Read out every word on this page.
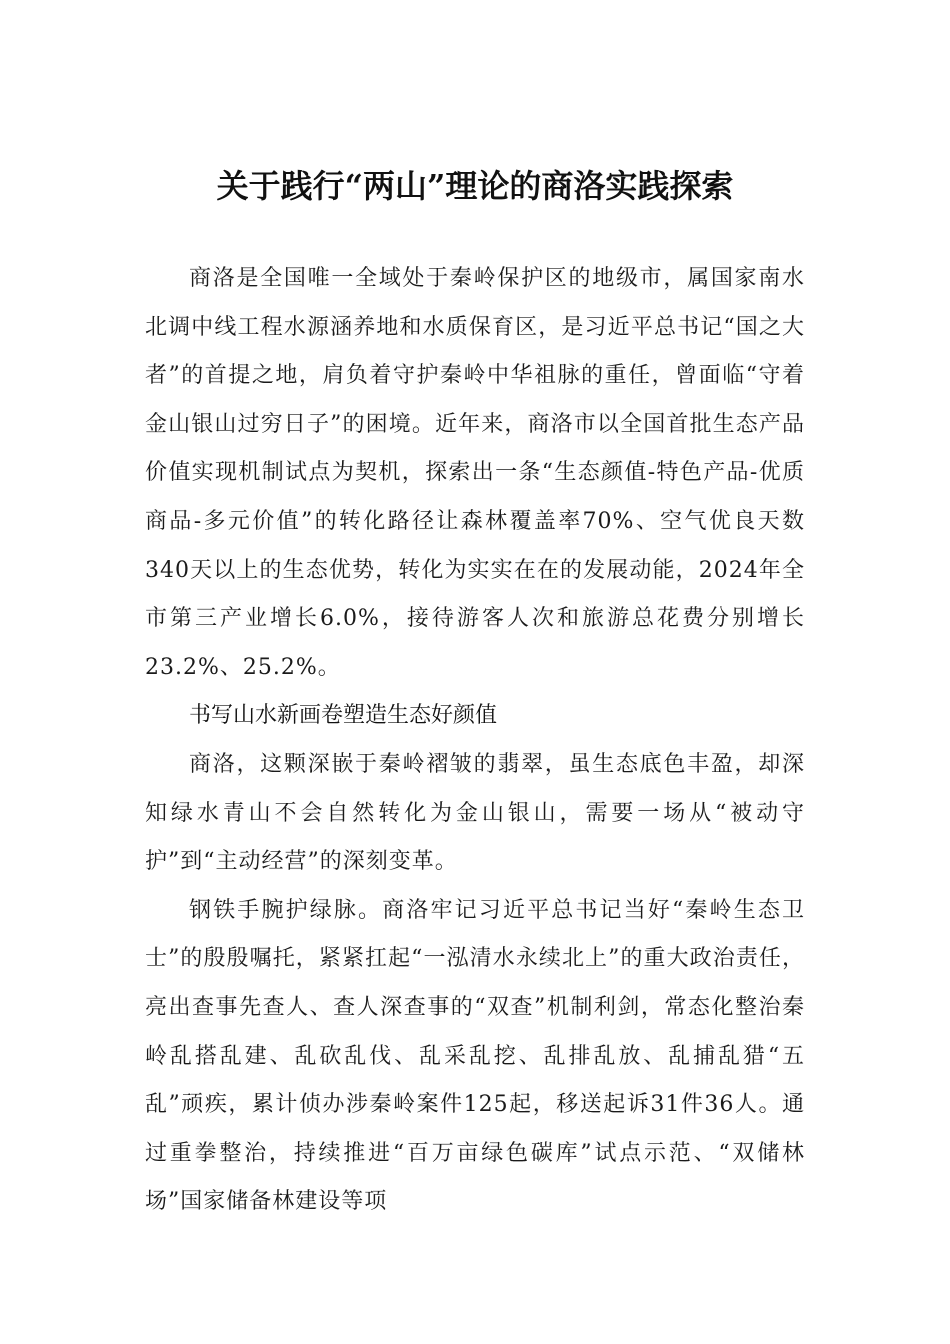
关于践行“两山”理论的商洛实践探索

商洛是全国唯一全域处于秦岭保护区的地级市，属国家南水北调中线工程水源涵养地和水质保育区，是习近平总书记“国之大者”的首提之地，肩负着守护秦岭中华祖脉的重任，曾面临“守着金山银山过穷日子”的困境。近年来，商洛市以全国首批生态产品价值实现机制试点为契机，探索出一条“生态颜值-特色产品-优质商品-多元价值”的转化路径让森林覆盖率70%、空气优良天数340天以上的生态优势，转化为实实在在的发展动能，2024年全市第三产业增长6.0%，接待游客人次和旅游总花费分别增长23.2%、25.2%。

书写山水新画卷塑造生态好颜值

商洛，这颗深嵌于秦岭褶皱的翡翠，虽生态底色丰盈，却深知绿水青山不会自然转化为金山银山，需要一场从“被动守护”到“主动经营”的深刻变革。

钢铁手腕护绿脉。商洛牢记习近平总书记当好“秦岭生态卫士”的殷殷嘱托，紧紧扛起“一泓清水永续北上”的重大政治责任，亮出查事先查人、查人深查事的“双查”机制利剑，常态化整治秦岭乱搭乱建、乱砍乱伐、乱采乱挖、乱排乱放、乱捕乱猎“五乱”顽疾，累计侦办涉秦岭案件125起，移送起诉31件36人。通过重拳整治，持续推进“百万亩绿色碳库”试点示范、“双储林场”国家储备林建设等项
